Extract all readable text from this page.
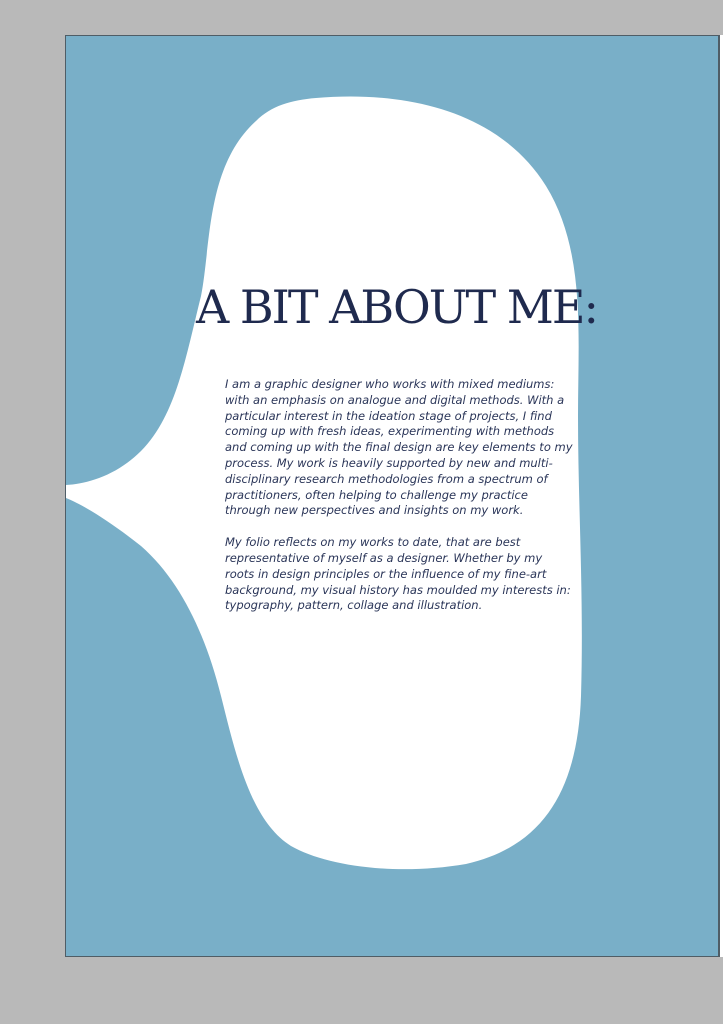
A BIT ABOUT ME:

I am a graphic designer who works with mixed mediums: with an emphasis on analogue and digital methods. With a particular interest in the ideation stage of projects, I find coming up with fresh ideas, experimenting with methods and coming up with the final design are key elements to my process. My work is heavily supported by new and multi-disciplinary research methodologies from a spectrum of practitioners, often helping to challenge my practice through new perspectives and insights on my work.

My folio reflects on my works to date, that are best representative of myself as a designer. Whether by my roots in design principles or the influence of my fine-art background, my visual history has moulded my interests in: typography, pattern, collage and illustration.
